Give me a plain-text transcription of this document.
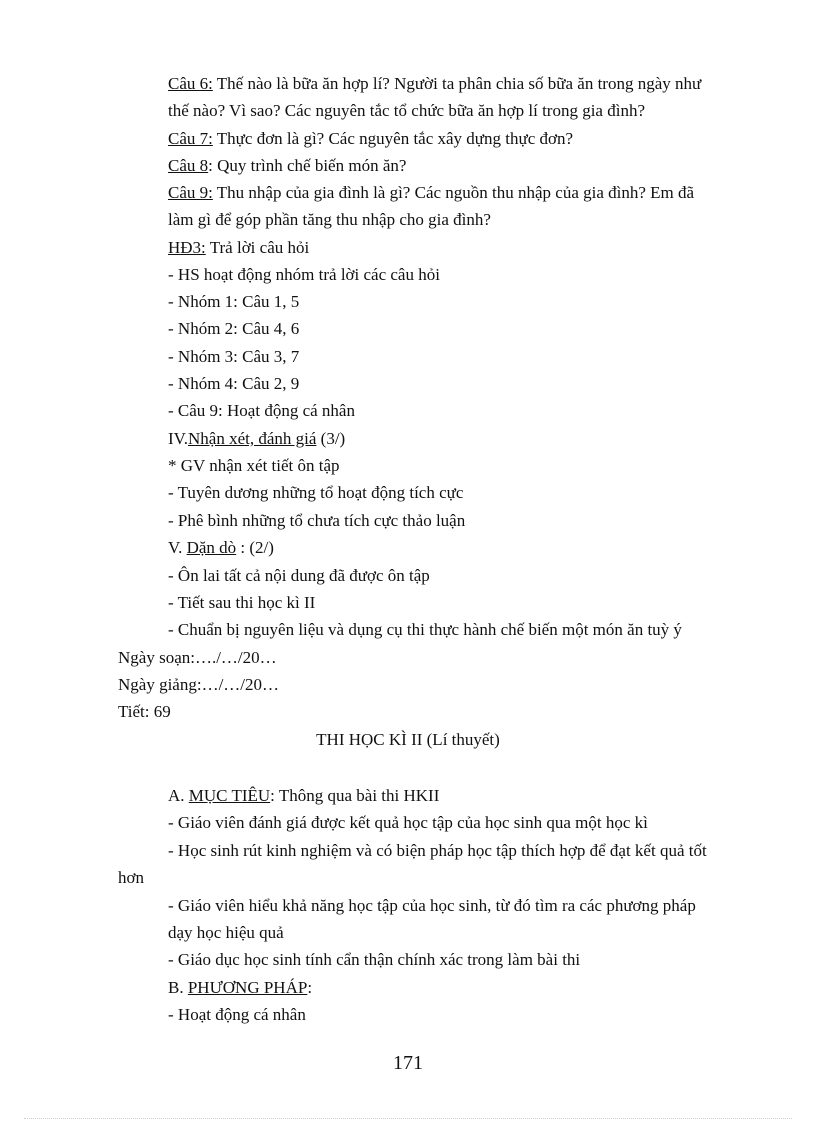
Câu 6: Thế nào là bữa ăn hợp lí? Người ta phân chia số bữa ăn trong ngày như
thế nào? Vì sao? Các nguyên tắc tổ chức bữa ăn hợp lí trong gia đình?
Câu 7: Thực đơn là gì? Các nguyên tắc xây dựng thực đơn?
Câu 8: Quy trình chế biến món ăn?
Câu 9: Thu nhập của gia đình là gì? Các nguồn thu nhập của gia đình? Em đã
làm gì để góp phần tăng thu nhập cho gia đình?
HĐ3: Trả lời câu hỏi
- HS hoạt động nhóm trả lời các câu hỏi
- Nhóm 1: Câu 1, 5
- Nhóm 2: Câu 4, 6
- Nhóm 3: Câu 3, 7
- Nhóm 4: Câu 2, 9
- Câu 9: Hoạt động cá nhân
IV.Nhận xét, đánh giá (3/)
* GV nhận xét tiết ôn tập
- Tuyên dương những tổ hoạt động tích cực
- Phê bình những tổ chưa tích cực thảo luận
V. Dặn dò : (2/)
- Ôn lai tất cả nội dung đã được ôn tập
- Tiết sau thi học kì II
- Chuẩn bị nguyên liệu và dụng cụ thi thực hành chế biến một món ăn tuỳ ý
Ngày soạn:…./…/20…
Ngày giảng:…/…/20…
Tiết: 69
THI HỌC KÌ II (Lí thuyết)
A. MỤC TIÊU: Thông qua bài thi HKII
- Giáo viên đánh giá được kết quả học tập của học sinh qua một học kì
- Học sinh rút kinh nghiệm và có biện pháp học tập thích hợp để đạt kết quả tốt
hơn
- Giáo viên hiểu khả năng học tập của học sinh, từ đó tìm ra các phương pháp
dạy học hiệu quả
- Giáo dục học sinh tính cẩn thận chính xác trong làm bài thi
B. PHƯƠNG PHÁP:
- Hoạt động cá nhân
171
